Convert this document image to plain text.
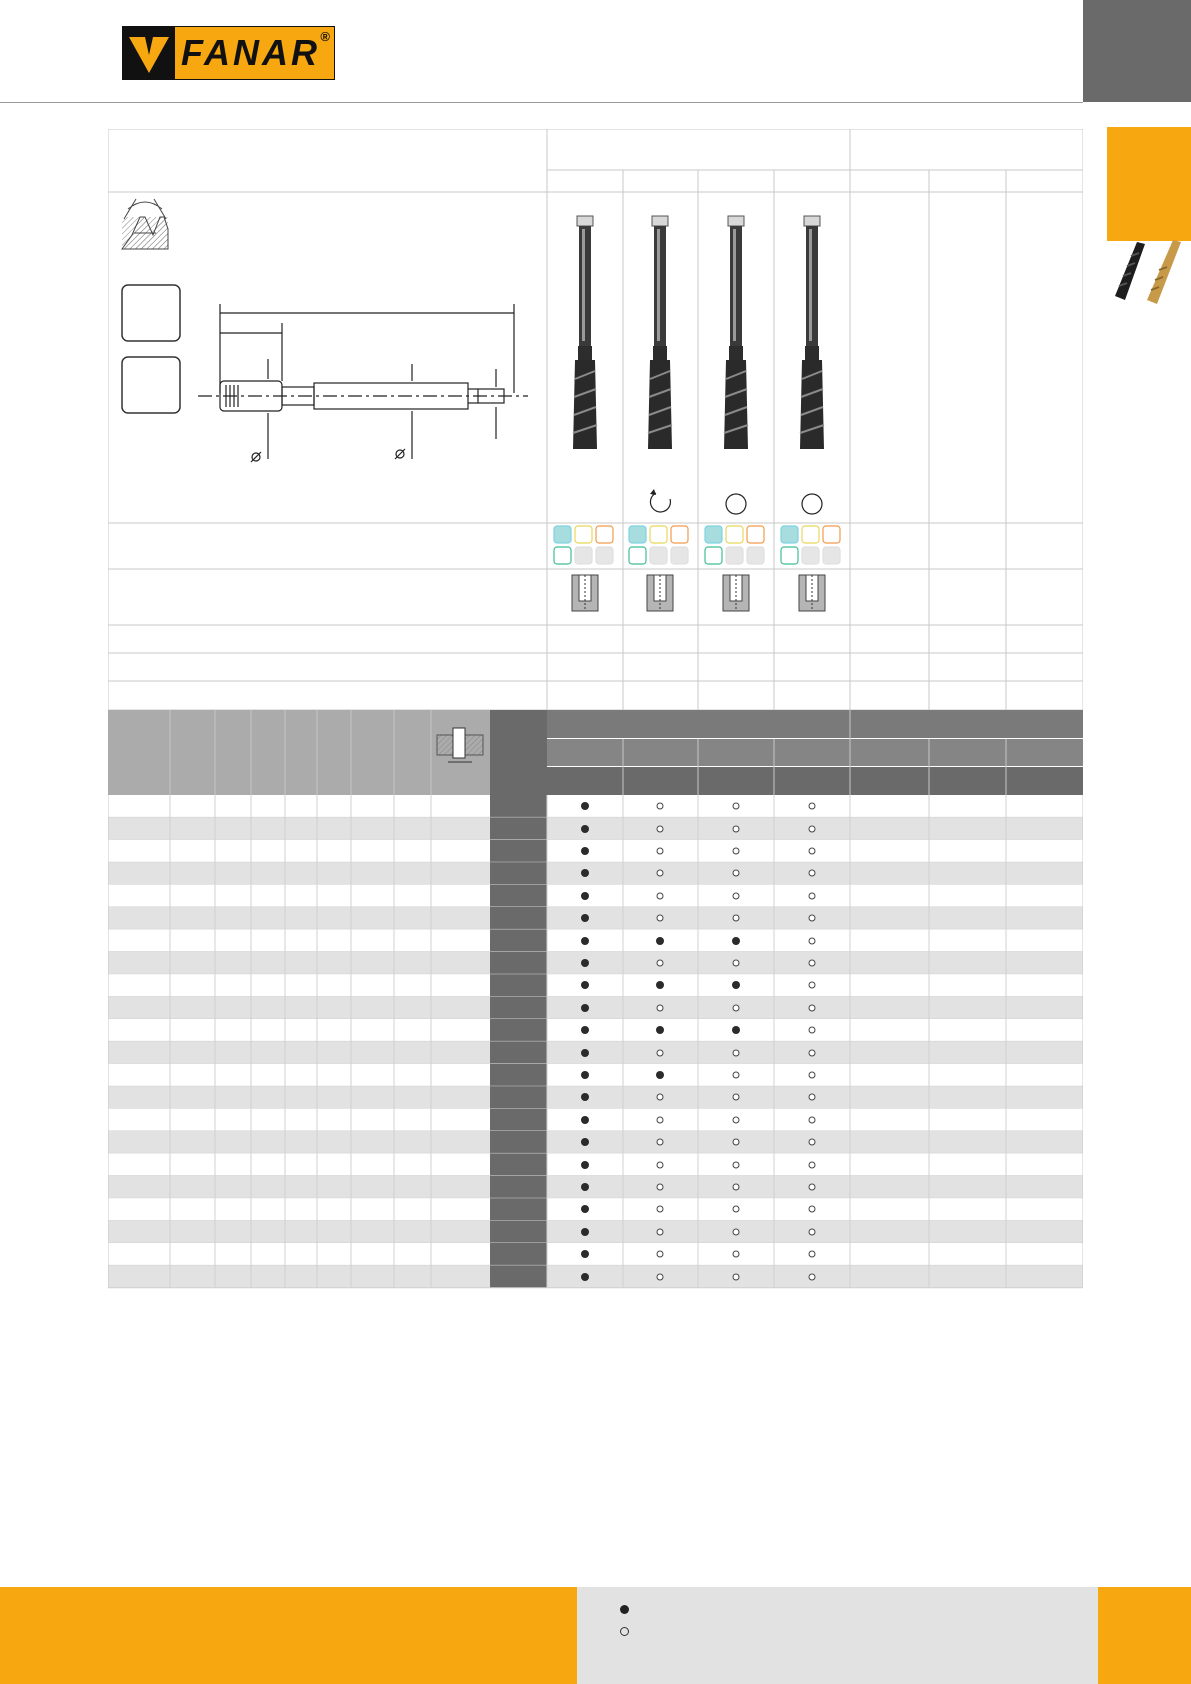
FANAR ®
